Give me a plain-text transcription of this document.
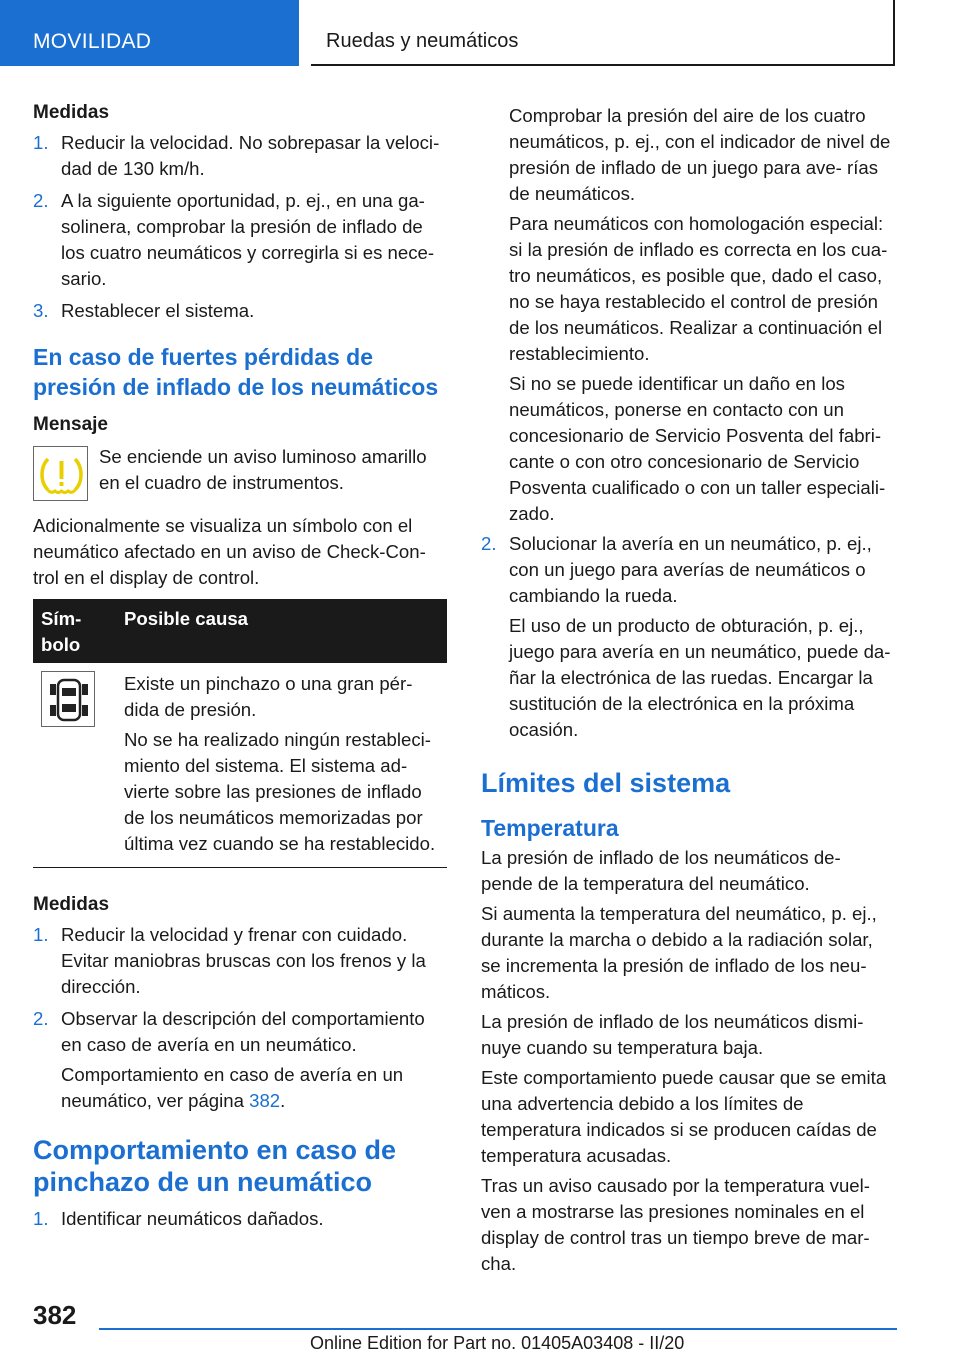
MOVILIDAD	Ruedas y neumáticos
Medidas
1. Reducir la velocidad. No sobrepasar la veloci‐ dad de 130 km/h.
2. A la siguiente oportunidad, p. ej., en una ga‐ solinera, comprobar la presión de inflado de los cuatro neumáticos y corregirla si es nece‐ sario.
3. Restablecer el sistema.
En caso de fuertes pérdidas de presión de inflado de los neumáticos
Mensaje
Se enciende un aviso luminoso amarillo en el cuadro de instrumentos.
Adicionalmente se visualiza un símbolo con el neumático afectado en un aviso de Check-Con‐ trol en el display de control.
Sím‐ bolo
Posible causa

Existe un pinchazo o una gran pér‐ dida de presión.

No se ha realizado ningún restableci‐ miento del sistema. El sistema ad‐ vierte sobre las presiones de inflado de los neumáticos memorizadas por última vez cuando se ha restablecido.

Medidas
1. Reducir la velocidad y frenar con cuidado. Evitar maniobras bruscas con los frenos y la dirección.
2. Observar la descripción del comportamiento en caso de avería en un neumático.
Comportamiento en caso de avería en un neumático, ver página 382.
Comportamiento en caso de pinchazo de un neumático
1. Identificar neumáticos dañados.

Comprobar la presión del aire de los cuatro neumáticos, p. ej., con el indicador de nivel de presión de inflado de un juego para ave‐ rías de neumáticos.

Para neumáticos con homologación especial: si la presión de inflado es correcta en los cua‐ tro neumáticos, es posible que, dado el caso, no se haya restablecido el control de presión de los neumáticos. Realizar a continuación el restablecimiento.

Si no se puede identificar un daño en los neumáticos, ponerse en contacto con un concesionario de Servicio Posventa del fabri‐ cante o con otro concesionario de Servicio Posventa cualificado o con un taller especiali‐ zado.

2. Solucionar la avería en un neumático, p. ej., con un juego para averías de neumáticos o cambiando la rueda.
El uso de un producto de obturación, p. ej., juego para avería en un neumático, puede da‐ ñar la electrónica de las ruedas. Encargar la sustitución de la electrónica en la próxima ocasión.
Límites del sistema
Temperatura

La presión de inflado de los neumáticos de‐ pende de la temperatura del neumático.

Si aumenta la temperatura del neumático, p. ej., durante la marcha o debido a la radiación solar, se incrementa la presión de inflado de los neu‐ máticos.

La presión de inflado de los neumáticos dismi‐ nuye cuando su temperatura baja.

Este comportamiento puede causar que se emita una advertencia debido a los límites de temperatura indicados si se producen caídas de temperatura acusadas.

Tras un aviso causado por la temperatura vuel‐ ven a mostrarse las presiones nominales en el display de control tras un tiempo breve de mar‐ cha.

382
Online Edition for Part no. 01405A03408 - II/20
